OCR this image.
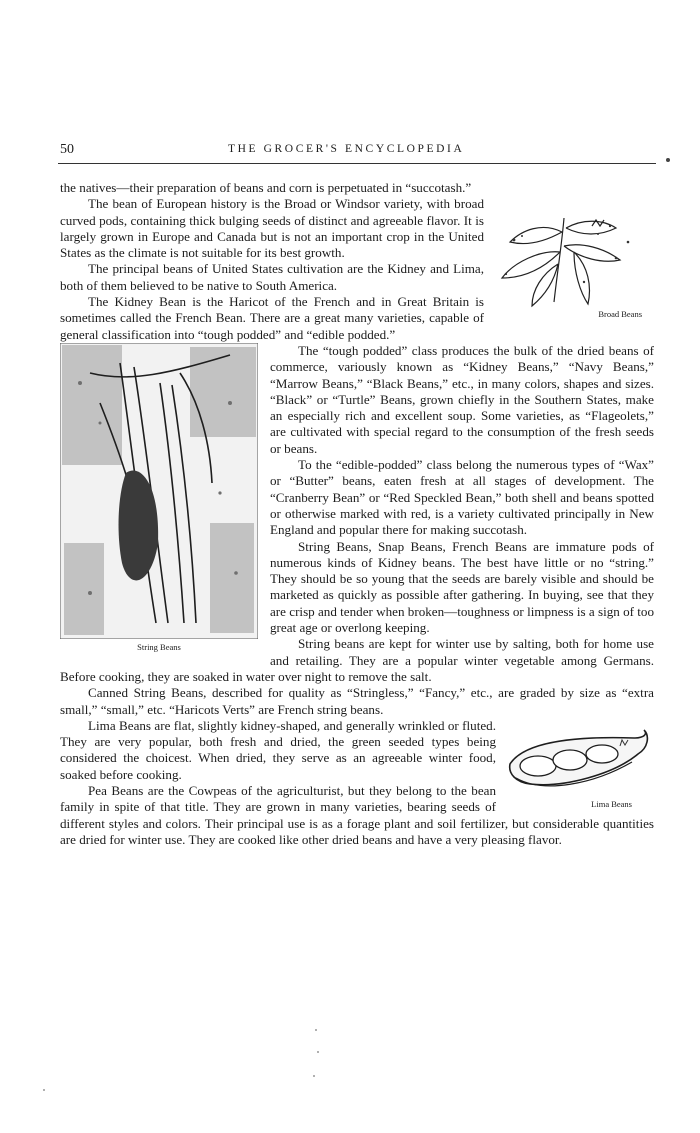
50	THE GROCER'S ENCYCLOPEDIA
Broad Beans

the natives—their preparation of beans and corn is perpetuated in “succotash.”

The bean of European history is the Broad or Windsor variety, with broad curved pods, containing thick bulging seeds of distinct and agreeable flavor. It is largely grown in Europe and Canada but is not an important crop in the United States as the climate is not suitable for its best growth.

The principal beans of United States cultivation are the Kidney and Lima, both of them believed to be native to South America.

The Kidney Bean is the Haricot of the French and in Great Britain is sometimes called the French Bean. There are a great many varieties, capable of general classification into “tough podded” and “edible podded.”

String Beans

The “tough podded” class produces the bulk of the dried beans of commerce, variously known as “Kidney Beans,” “Navy Beans,” “Marrow Beans,” “Black Beans,” etc., in many colors, shapes and sizes. “Black” or “Turtle” Beans, grown chiefly in the Southern States, make an especially rich and excellent soup. Some varieties, as “Flageolets,” are cultivated with special regard to the consumption of the fresh seeds or beans.

To the “edible-podded” class belong the numerous types of “Wax” or “Butter” beans, eaten fresh at all stages of development. The “Cranberry Bean” or “Red Speckled Bean,” both shell and beans spotted or otherwise marked with red, is a variety cultivated principally in New England and popular there for making succotash.

String Beans, Snap Beans, French Beans are immature pods of numerous kinds of Kidney beans. The best have little or no “string.” They should be so young that the seeds are barely visible and should be marketed as quickly as possible after gathering. In buying, see that they are crisp and tender when broken—toughness or limpness is a sign of too great age or overlong keeping.

String beans are kept for winter use by salting, both for home use and retailing. They are a popular winter vegetable among Germans. Before cooking, they are soaked in water over night to remove the salt.

Canned String Beans, described for quality as “Stringless,” “Fancy,” etc., are graded by size as “extra small,” “small,” etc. “Haricots Verts” are French string beans.

Lima Beans

Lima Beans are flat, slightly kidney-shaped, and generally wrinkled or fluted. They are very popular, both fresh and dried, the green seeded types being considered the choicest. When dried, they serve as an agreeable winter food, soaked before cooking.

Pea Beans are the Cowpeas of the agriculturist, but they belong to the bean family in spite of that title. They are grown in many varieties, bearing seeds of different styles and colors. Their principal use is as a forage plant and soil fertilizer, but considerable quantities are dried for winter use. They are cooked like other dried beans and have a very pleasing flavor.
